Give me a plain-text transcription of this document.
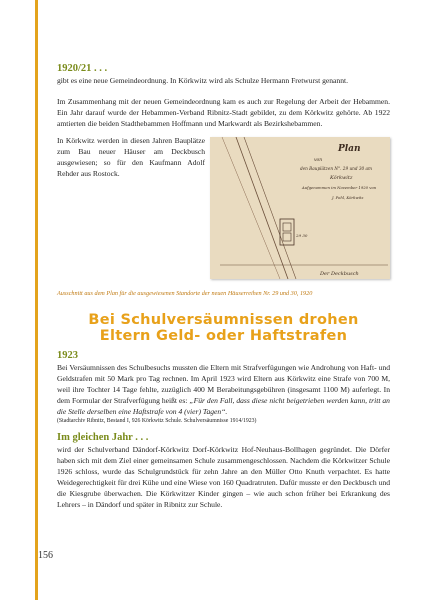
1920/21 . . .

gibt es eine neue Gemeindeordnung. In Körkwitz wird als Schulze Hermann Fretwurst genannt.

Im Zusammenhang mit der neuen Gemeindeordnung kam es auch zur Regelung der Arbeit der Hebammen. Ein Jahr darauf wurde der Hebammen-Verband Ribnitz-Stadt gebildet, zu dem Körkwitz gehörte. Ab 1922 amtierten die beiden Stadthebammen Hoffmann und Markwardt als Bezirkshebammen.

In Körkwitz werden in diesen Jahren Bauplätze zum Bau neuer Häuser am Deckbusch ausgewiesen; so für den Kaufmann Adolf Rehder aus Rostock.

Plan
von
den Bauplätzen N°. 29 und 30 am
Körkwitz
Aufgenommen im November 1920 von
J. Pohl, Körkwitz
29 30
Der Deckbusch
Ausschnitt aus dem Plan für die ausgewiesenen Standorte der neuen Häuserreihen Nr. 29 und 30, 1920
Bei Schulversäumnissen drohen
Eltern Geld- oder Haftstrafen
1923

Bei Versäumnissen des Schulbesuchs mussten die Eltern mit Strafverfügungen wie Androhung von Haft- und Geldstrafen mit 50 Mark pro Tag rechnen. Im April 1923 wird Eltern aus Körkwitz eine Strafe von 700 M, weil ihre Tochter 14 Tage fehlte, zuzüglich 400 M Berabeitungsgebühren (insgesamt 1100 M) auferlegt. In dem Formular der Strafverfügung heißt es: „Für den Fall, dass diese nicht beigetrieben werden kann, tritt an die Stelle derselben eine Haftstrafe von 4 (vier) Tagen“.

(Stadtarchiv Ribnitz, Bestand I, 926 Körkwitz Schule. Schulversäumnisse 1914/1923)

Im gleichen Jahr . . .

wird der Schulverband Dändorf-Körkwitz Dorf-Körkwitz Hof-Neuhaus-Bollhagen gegründet. Die Dörfer haben sich mit dem Ziel einer gemeinsamen Schule zusammengeschlossen. Nachdem die Körkwitzer Schule 1926 schloss, wurde das Schulgrundstück für zehn Jahre an den Müller Otto Knuth verpachtet. Es hatte Weidegerechtigkeit für drei Kühe und eine Wiese von 160 Quadratruten. Dafür musste er den Deckbusch und die Kiesgrube überwachen. Die Körkwitzer Kinder gingen – wie auch schon früher bei Erkrankung des Lehrers – in Dändorf und später in Ribnitz zur Schule.

156
